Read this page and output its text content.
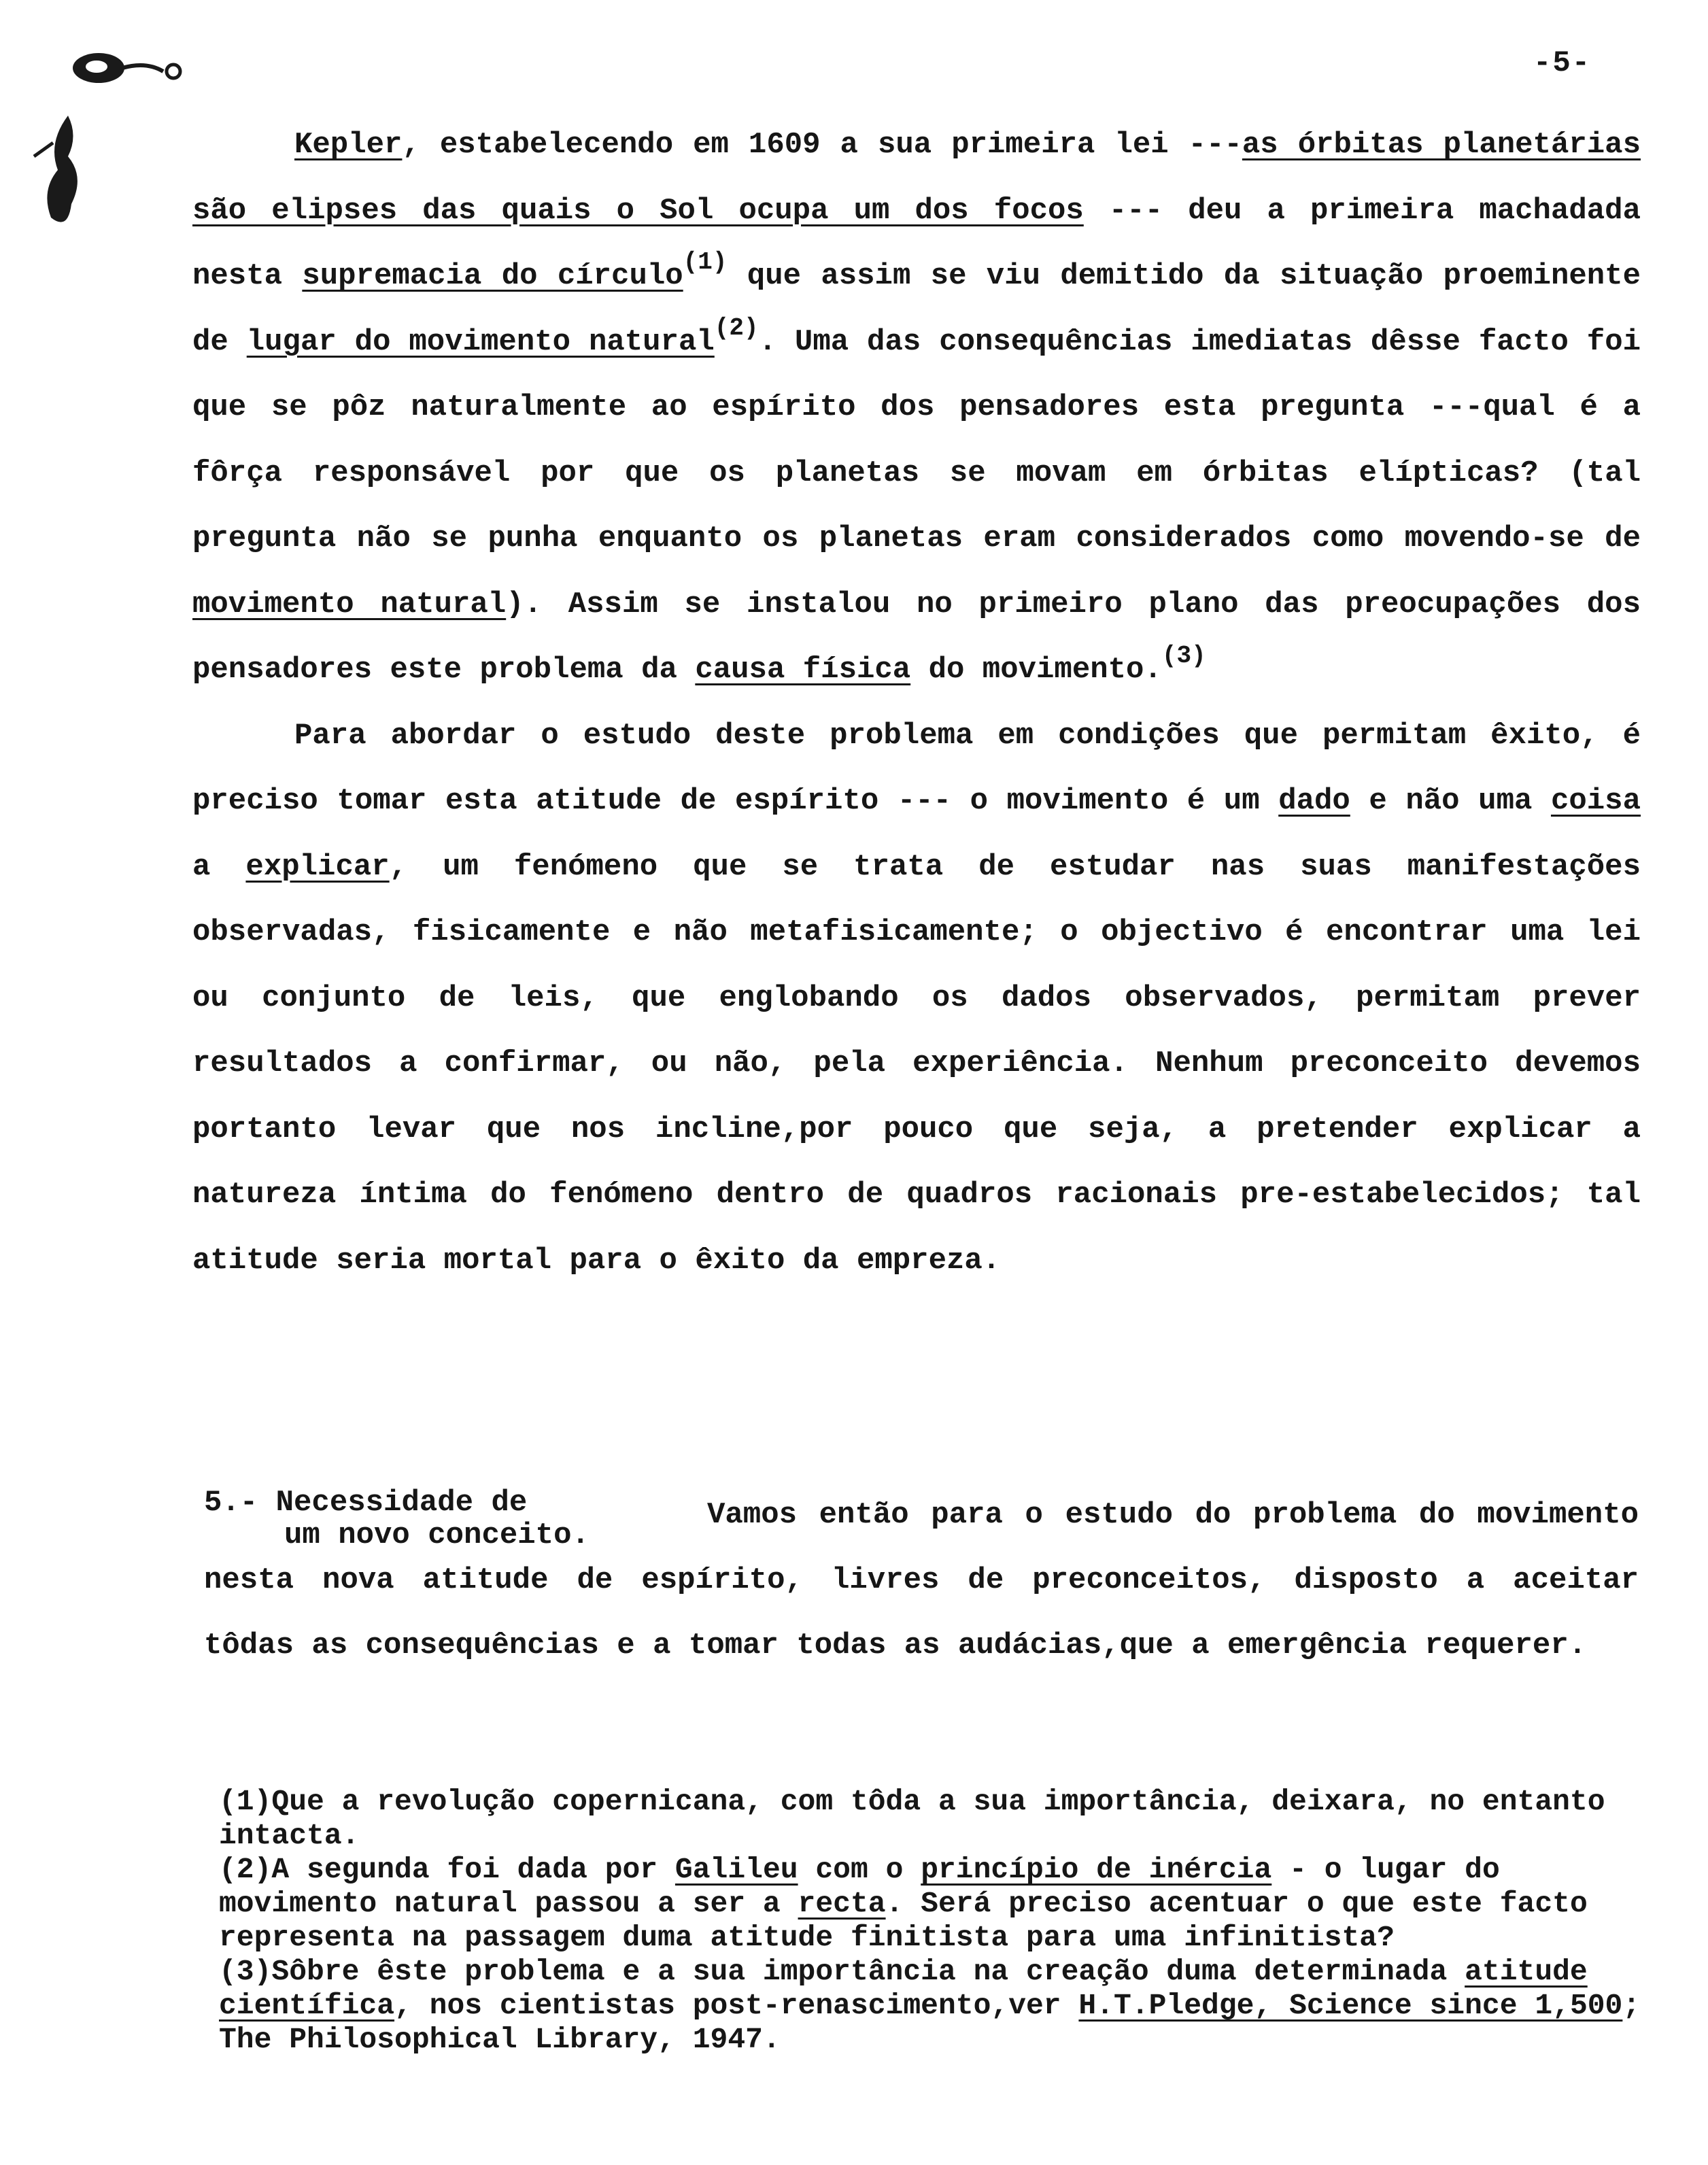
-5-

Kepler, estabelecendo em 1609 a sua primeira lei ---as órbitas planetárias são elipses das quais o Sol ocupa um dos focos --- deu a primeira machadada nesta supremacia do círculo$^{(1)}$ que assim se viu demitido da situação proeminente de lugar do movimento natural$^{(2)}$. Uma das consequências imediatas dêsse facto foi que se pôz naturalmente ao espírito dos pensadores esta pregunta ---qual é a fôrça responsável por que os planetas se movam em órbitas elípticas? (tal pregunta não se punha enquanto os planetas eram considerados como movendo-se de movimento natural). Assim se instalou no primeiro plano das preocupações dos pensadores este problema da causa física do movimento.$^{(3)}$

Para abordar o estudo deste problema em condições que permitam êxito, é preciso tomar esta atitude de espírito --- o movimento é um dado e não uma coisa a explicar, um fenómeno que se trata de estudar nas suas manifestações observadas, fisicamente e não metafisicamente; o objectivo é encontrar uma lei ou conjunto de leis, que englobando os dados observados, permitam prever resultados a confirmar, ou não, pela experiência. Nenhum preconceito devemos portanto levar que nos incline,por pouco que seja, a pretender explicar a natureza íntima do fenómeno dentro de quadros racionais pre-estabelecidos; tal atitude seria mortal para o êxito da empreza.

5.- Necessidade de
um novo conceito.

Vamos então para o estudo do problema do movimento nesta nova atitude de espírito, livres de preconceitos, disposto a aceitar tôdas as consequências e a tomar todas as audácias,que a emergência requerer.

(1)Que a revolução copernicana, com tôda a sua importância, deixara, no entanto intacta.

(2)A segunda foi dada por Galileu com o princípio de inércia - o lugar do movimento natural passou a ser a recta. Será preciso acentuar o que este facto representa na passagem duma atitude finitista para uma infinitista?

(3)Sôbre êste problema e a sua importância na creação duma determinada atitude científica, nos cientistas post-renascimento,ver H.T.Pledge, Science since 1,500; The Philosophical Library, 1947.
